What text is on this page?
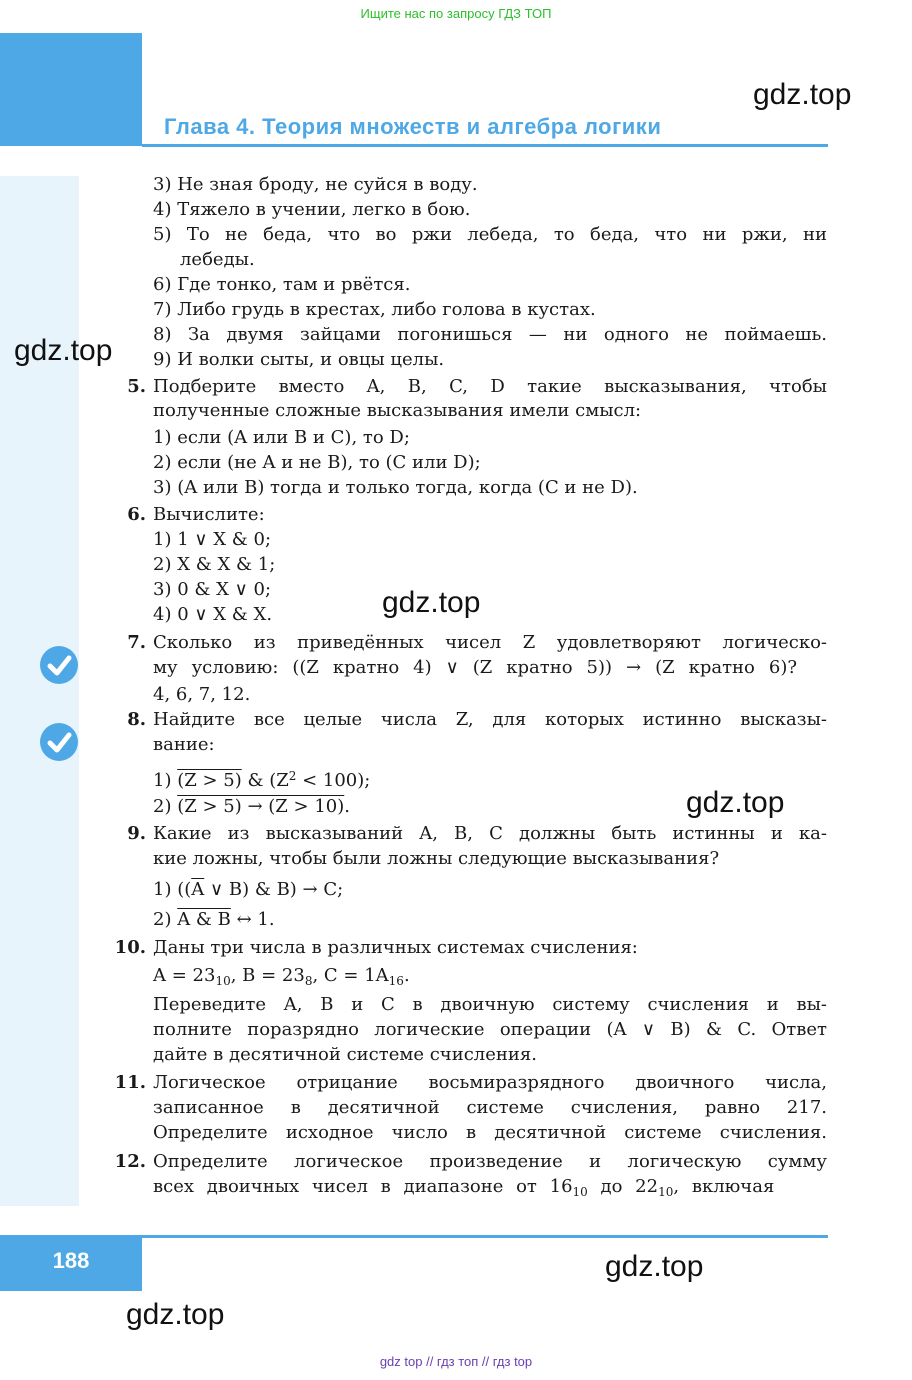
Ищите нас по запросу ГДЗ ТОП
Глава 4. Теория множеств и алгебра логики
gdz.top
gdz.top
gdz.top
gdz.top
gdz.top
gdz.top
3) Не зная броду, не суйся в воду.
4) Тяжело в учении, легко в бою.
5) То не беда, что во ржи лебеда, то беда, что ни ржи, ни
лебеды.
6) Где тонко, там и рвётся.
7) Либо грудь в крестах, либо голова в кустах.
8) За двумя зайцами погонишься — ни одного не поймаешь.
9) И волки сыты, и овцы целы.
5. Подберите вместо A, B, C, D такие высказывания, чтобы
полученные сложные высказывания имели смысл:
1) если (A или B и C), то D;
2) если (не A и не B), то (C или D);
3) (A или B) тогда и только тогда, когда (C и не D).
6. Вычислите:
1) 1 ∨ X & 0;
2) X & X & 1;
3) 0 & X ∨ 0;
4) 0 ∨ X & X.
7. Сколько из приведённых чисел Z удовлетворяют логическо-
му условию: ((Z кратно 4) ∨ (Z кратно 5)) → (Z кратно 6)?
4, 6, 7, 12.
8. Найдите все целые числа Z, для которых истинно высказы-
вание:
1) (Z > 5) & $(Z^2 < 100)$;
2) (Z > 5) → (Z > 10).
9. Какие из высказываний A, B, C должны быть истинны и ка-
кие ложны, чтобы были ложны следующие высказывания?
1) (($\overline{A}$ ∨ B) & B) → C;
2) A & B ↔ 1.
10. Даны три числа в различных системах счисления:
$A = 23_{10}$, $B = 23_8$, $C = 1A_{16}$.
Переведите A, B и C в двоичную систему счисления и вы-
полните поразрядно логические операции (A ∨ B) & C. Ответ
дайте в десятичной системе счисления.
11. Логическое отрицание восьмиразрядного двоичного числа,
записанное в десятичной системе счисления, равно 217.
Определите исходное число в десятичной системе счисления.
12. Определите логическое произведение и логическую сумму
всех двоичных чисел в диапазоне от $16_{10}$ до $22_{10}$, включая
188
gdz top // гдз топ // гдз top
